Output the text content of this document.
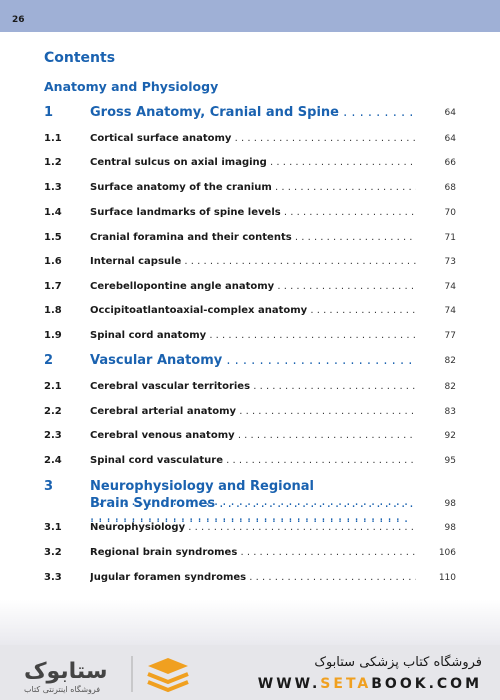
26
Contents
Anatomy and Physiology
1	Gross Anatomy, Cranial and Spine . . .	64
1.1	Cortical surface anatomy . . .	64
1.2	Central sulcus on axial imaging . . .	66
1.3	Surface anatomy of the cranium . . .	68
1.4	Surface landmarks of spine levels . . .	70
1.5	Cranial foramina and their contents . . .	71
1.6	Internal capsule . . .	73
1.7	Cerebellopontine angle anatomy . . .	74
1.8	Occipitoatlantoaxial-complex anatomy . . .	74
1.9	Spinal cord anatomy . . .	77
2	Vascular Anatomy . . .	82
2.1	Cerebral vascular territories . . .	82
2.2	Cerebral arterial anatomy . . .	83
2.3	Cerebral venous anatomy . . .	92
2.4	Spinal cord vasculature . . .	95
3	Neurophysiology and Regional
. . .
Brain Syndromes . . .	98
3.1	Neurophysiology . . .	98
3.2	Regional brain syndromes . . .	106
3.3	Jugular foramen syndromes . . .	110
ستابوک
فروشگاه اینترنتی کتاب
فروشگاه کتاب پزشکی ستابوک
WWW.SETABOOK.COM
